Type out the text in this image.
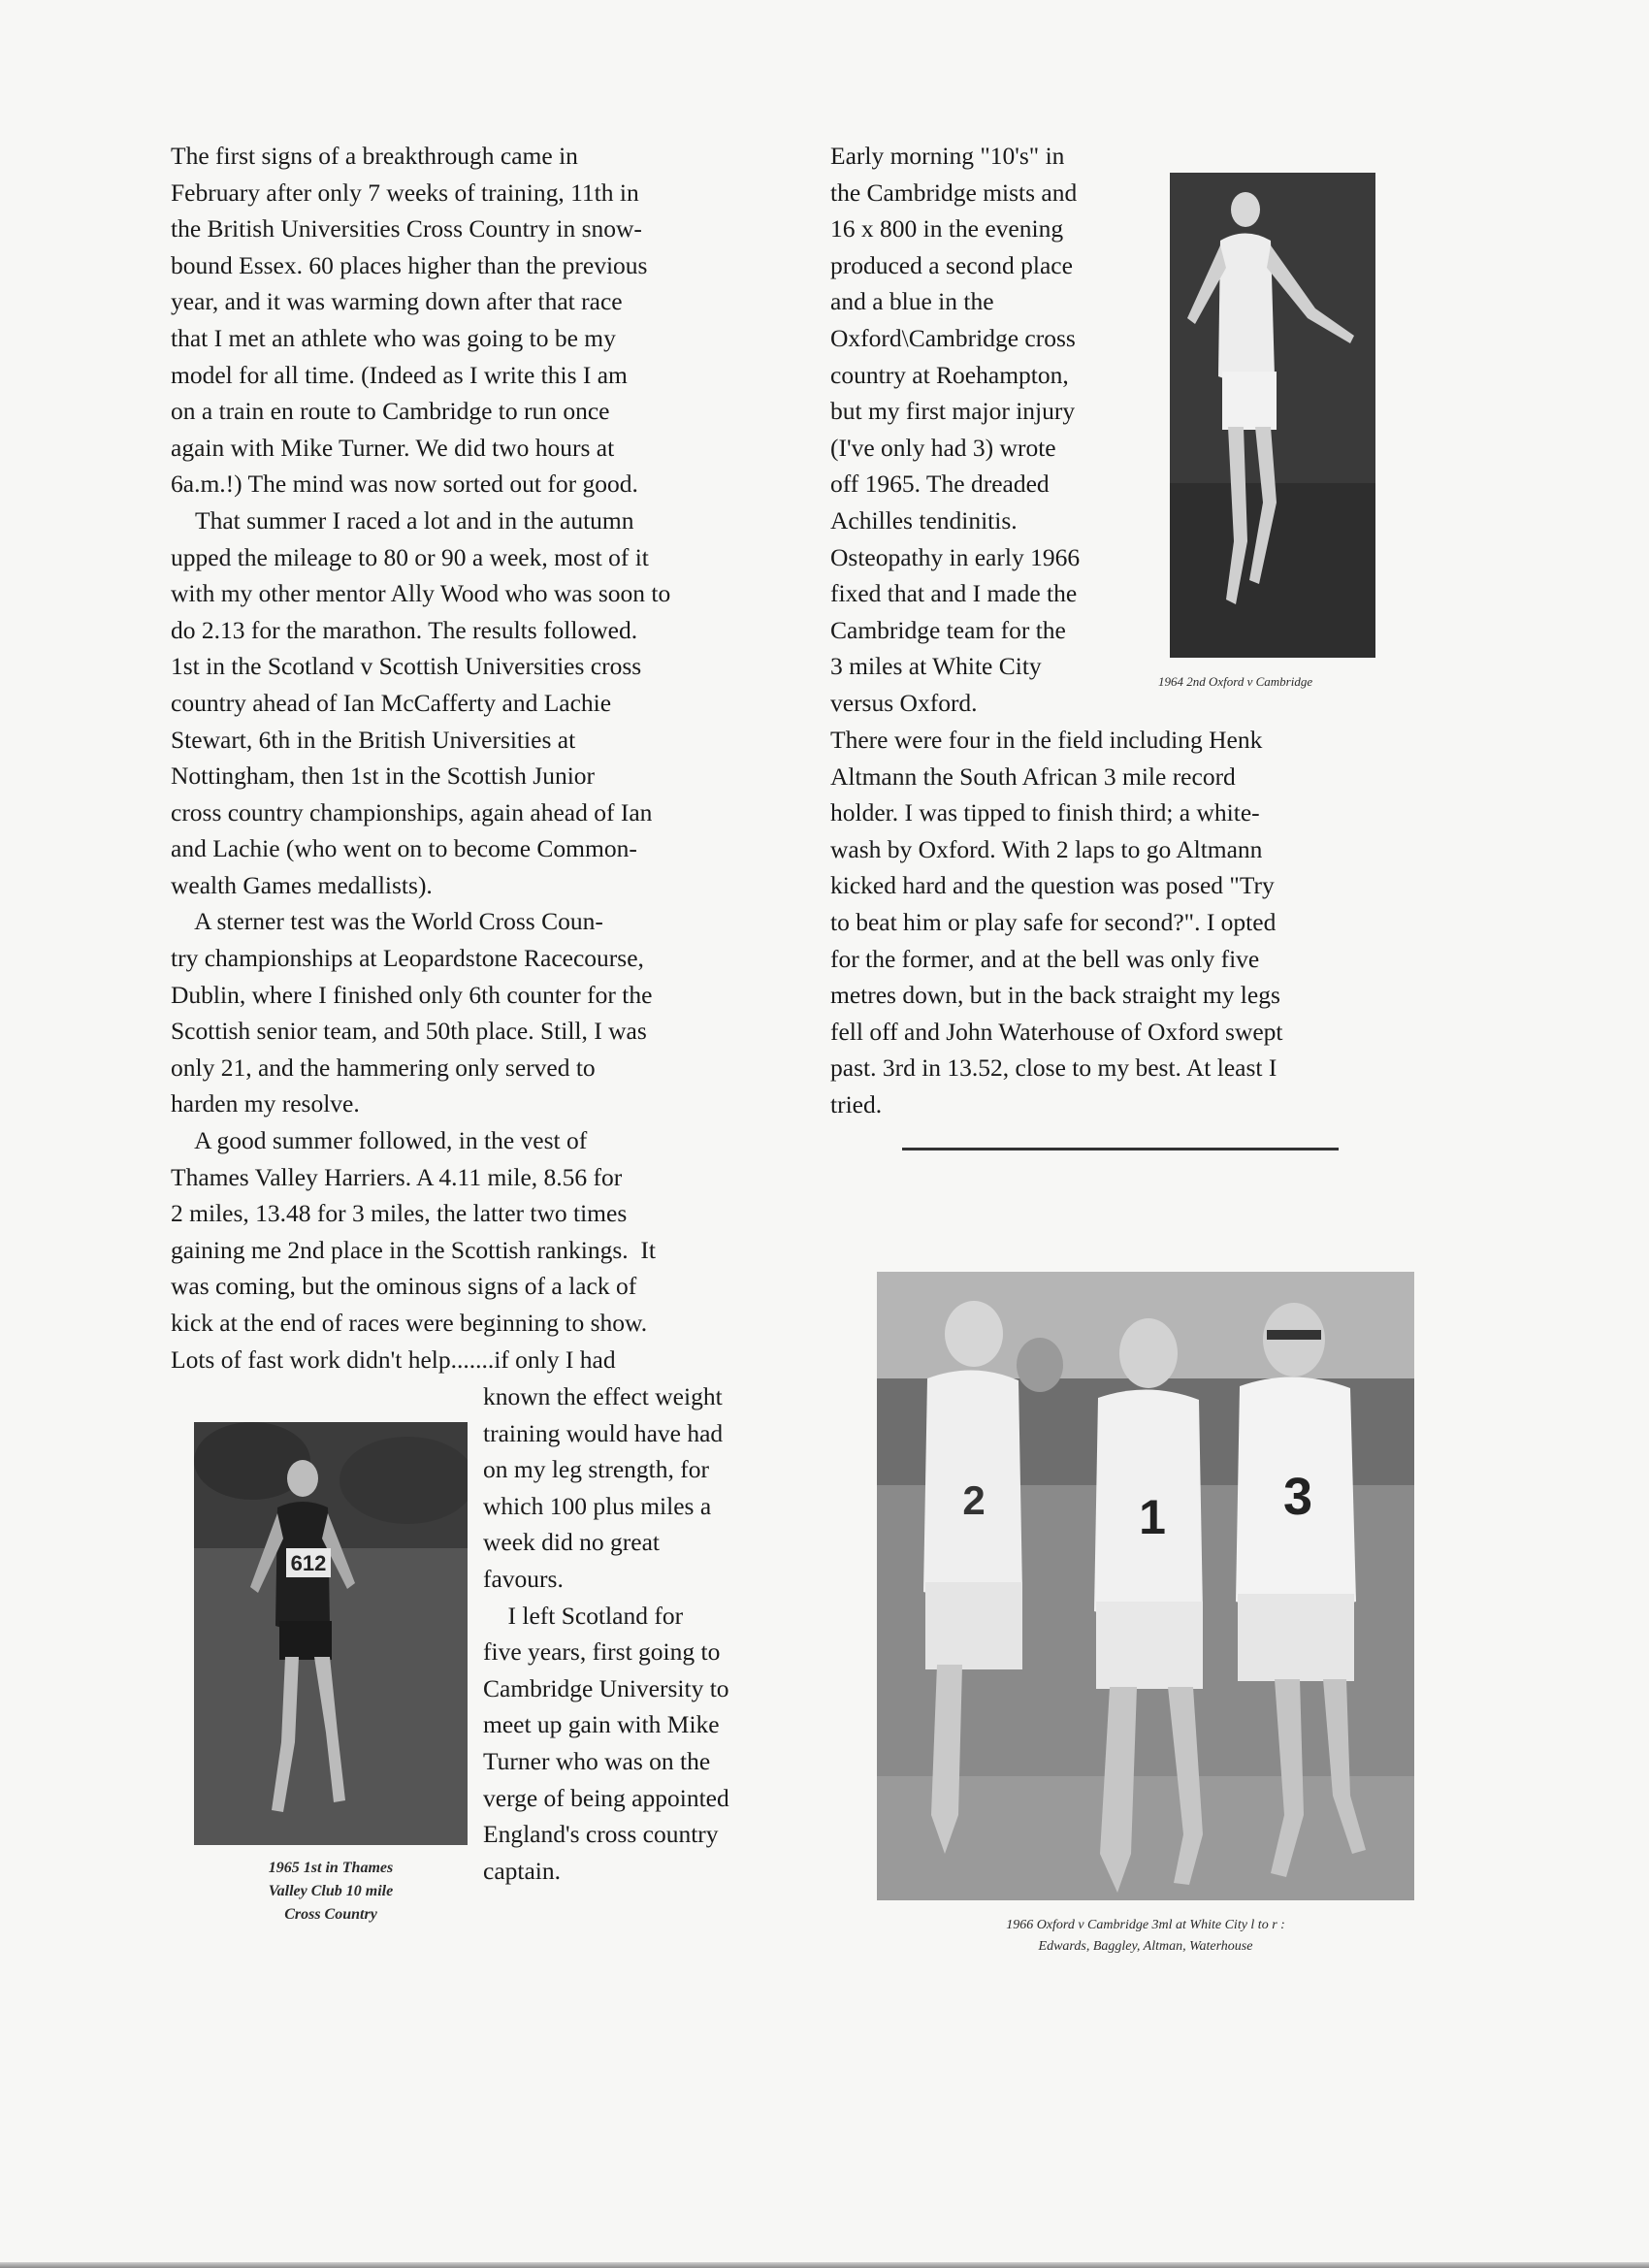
The first signs of a breakthrough came in
February after only 7 weeks of training, 11th in
the British Universities Cross Country in snow-
bound Essex. 60 places higher than the previous
year, and it was warming down after that race
that I met an athlete who was going to be my
model for all time. (Indeed as I write this I am
on a train en route to Cambridge to run once
again with Mike Turner. We did two hours at
6a.m.!) The mind was now sorted out for good.
That summer I raced a lot and in the autumn
upped the mileage to 80 or 90 a week, most of it
with my other mentor Ally Wood who was soon to
do 2.13 for the marathon. The results followed.
1st in the Scotland v Scottish Universities cross
country ahead of Ian McCafferty and Lachie
Stewart, 6th in the British Universities at
Nottingham, then 1st in the Scottish Junior
cross country championships, again ahead of Ian
and Lachie (who went on to become Common-
wealth Games medallists).
A sterner test was the World Cross Coun-
try championships at Leopardstone Racecourse,
Dublin, where I finished only 6th counter for the
Scottish senior team, and 50th place. Still, I was
only 21, and the hammering only served to
harden my resolve.
A good summer followed, in the vest of
Thames Valley Harriers. A 4.11 mile, 8.56 for
2 miles, 13.48 for 3 miles, the latter two times
gaining me 2nd place in the Scottish rankings.  It
was coming, but the ominous signs of a lack of
kick at the end of races were beginning to show.
Lots of fast work didn't help.......if only I had
known the effect weight
training would have had
on my leg strength, for
which 100 plus miles a
week did no great
favours.
I left Scotland for
five years, first going to
Cambridge University to
meet up gain with Mike
Turner who was on the
verge of being appointed
England's cross country
captain.
Early morning "10's" in
the Cambridge mists and
16 x 800 in the evening
produced a second place
and a blue in the
Oxford\Cambridge cross
country at Roehampton,
but my first major injury
(I've only had 3) wrote
off 1965. The dreaded
Achilles tendinitis.
Osteopathy in early 1966
fixed that and I made the
Cambridge team for the
3 miles at White City
versus Oxford.
There were four in the field including Henk
Altmann the South African 3 mile record
holder. I was tipped to finish third; a white-
wash by Oxford. With 2 laps to go Altmann
kicked hard and the question was posed "Try
to beat him or play safe for second?". I opted
for the former, and at the bell was only five
metres down, but in the back straight my legs
fell off and John Waterhouse of Oxford swept
past. 3rd in 13.52, close to my best. At least I
tried.
1964 2nd Oxford v Cambridge
612
1965 1st in Thames
Valley Club 10 mile
Cross Country
2	1 3
1966 Oxford v Cambridge 3ml at White City l to r :
Edwards, Baggley, Altman, Waterhouse
